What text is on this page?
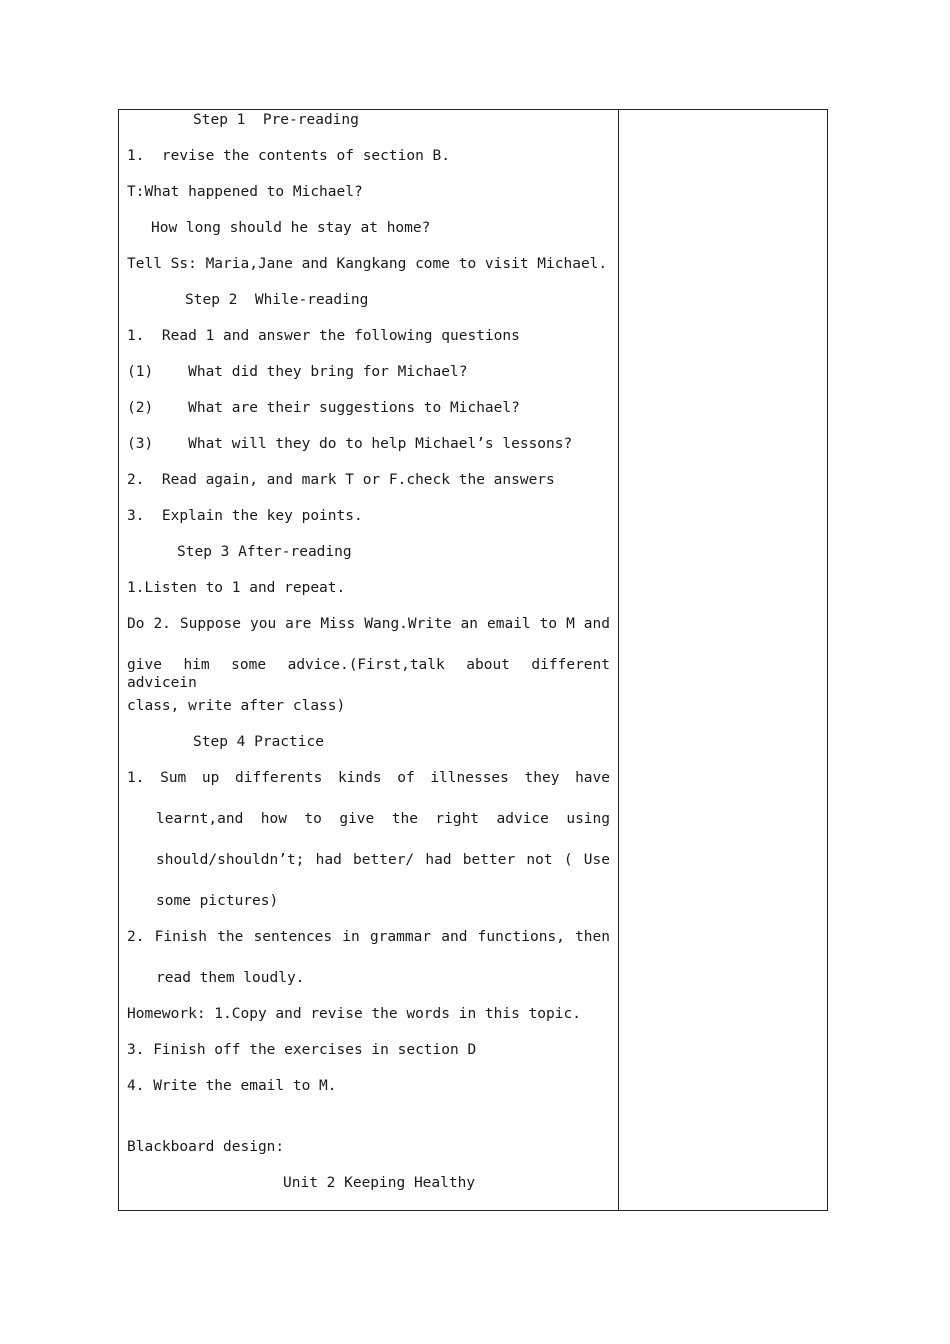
Step 1  Pre-reading
1.  revise the contents of section B.
T:What happened to Michael?
How long should he stay at home?
Tell Ss: Maria,Jane and Kangkang come to visit Michael.
Step 2  While-reading
1.  Read 1 and answer the following questions
(1)    What did they bring for Michael?
(2)    What are their suggestions to Michael?
(3)    What will they do to help Michael’s lessons?
2.  Read again, and mark T or F.check the answers
3.  Explain the key points.
Step 3 After-reading
1.Listen to 1 and repeat.
Do 2. Suppose you are Miss Wang.Write an email to M and
give him some advice.(First,talk about different advicein
class, write after class)
Step 4 Practice
1. Sum up differents kinds of illnesses they have
learnt,and how to give the right advice using
should/shouldn’t; had better/ had better not ( Use
some pictures)
2. Finish the sentences in grammar and functions, then
read them loudly.
Homework: 1.Copy and revise the words in this topic.
3. Finish off the exercises in section D
4. Write the email to M.
Blackboard design:
Unit 2 Keeping Healthy
